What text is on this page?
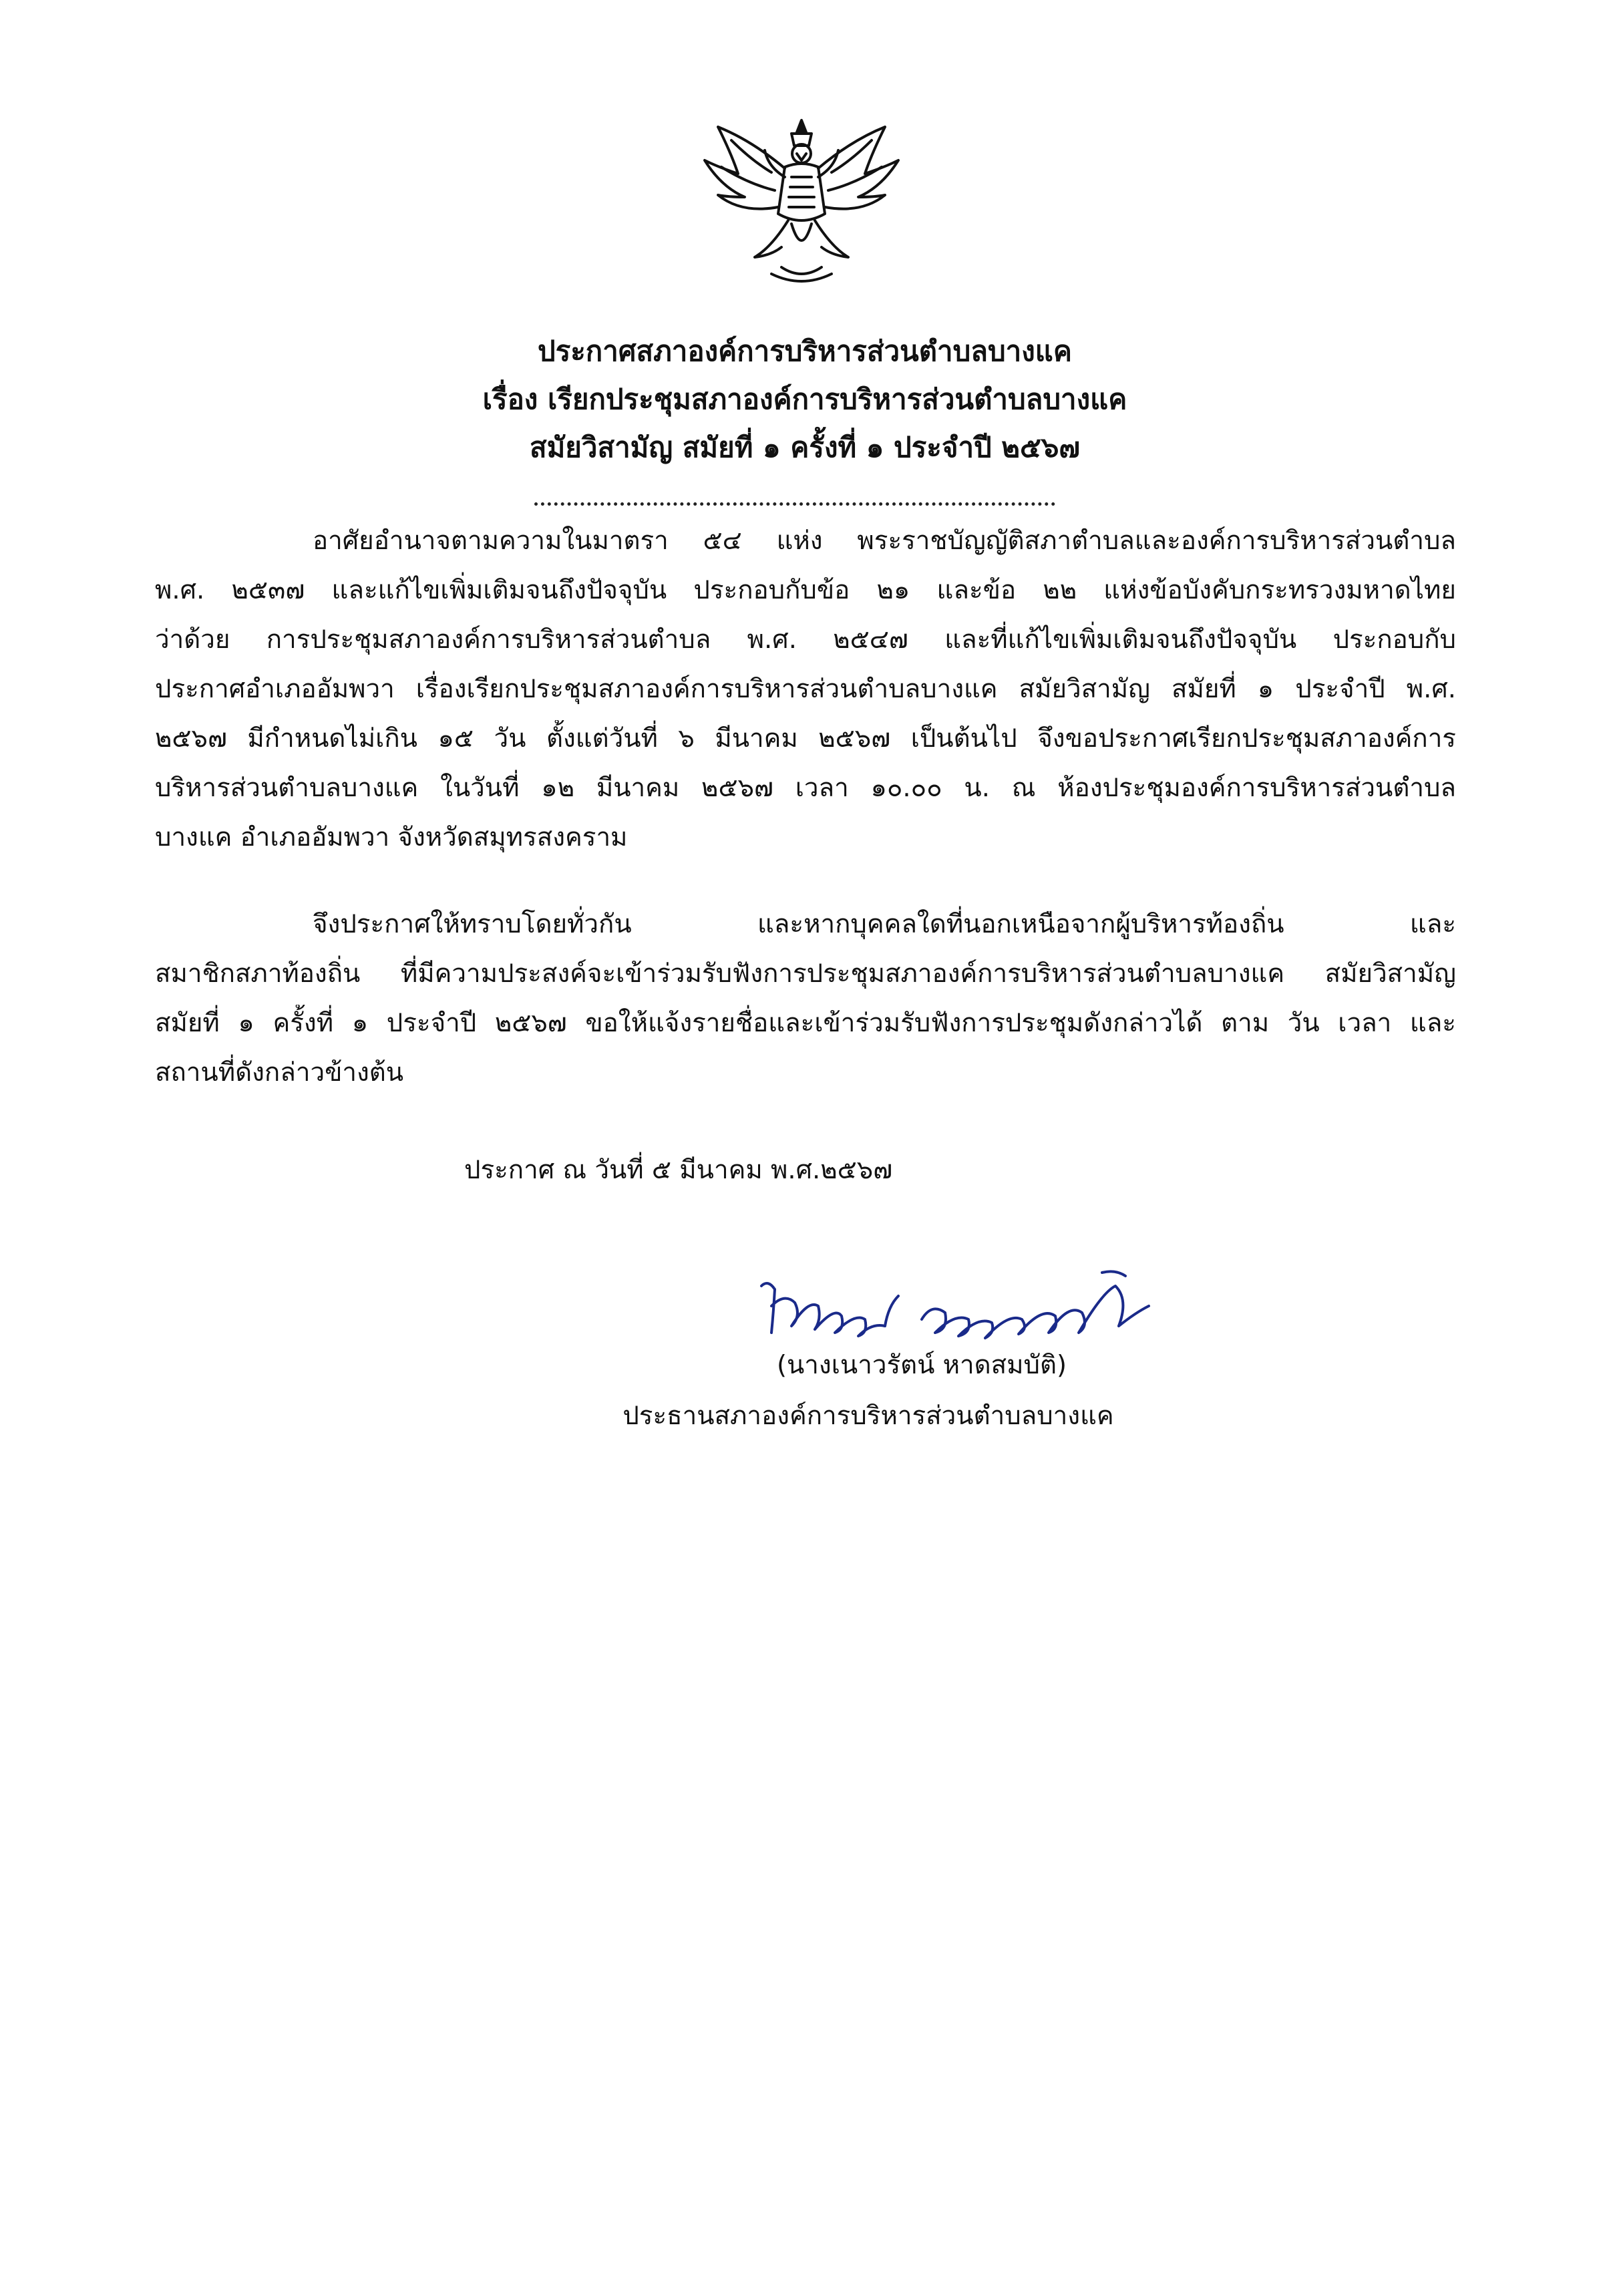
ประกาศสภาองค์การบริหารส่วนตำบลบางแค
เรื่อง เรียกประชุมสภาองค์การบริหารส่วนตำบลบางแค
สมัยวิสามัญ สมัยที่ ๑ ครั้งที่ ๑ ประจำปี ๒๕๖๗
อาศัยอำนาจตามความในมาตรา ๕๔ แห่ง พระราชบัญญัติสภาตำบลและองค์การบริหารส่วนตำบล
พ.ศ. ๒๕๓๗ และแก้ไขเพิ่มเติมจนถึงปัจจุบัน ประกอบกับข้อ ๒๑ และข้อ ๒๒ แห่งข้อบังคับกระทรวงมหาดไทย
ว่าด้วย การประชุมสภาองค์การบริหารส่วนตำบล พ.ศ. ๒๕๔๗ และที่แก้ไขเพิ่มเติมจนถึงปัจจุบัน ประกอบกับ
ประกาศอำเภออัมพวา เรื่องเรียกประชุมสภาองค์การบริหารส่วนตำบลบางแค สมัยวิสามัญ สมัยที่ ๑ ประจำปี พ.ศ.
๒๕๖๗ มีกำหนดไม่เกิน ๑๕ วัน ตั้งแต่วันที่ ๖ มีนาคม ๒๕๖๗ เป็นต้นไป จึงขอประกาศเรียกประชุมสภาองค์การ
บริหารส่วนตำบลบางแค ในวันที่ ๑๒ มีนาคม ๒๕๖๗ เวลา ๑๐.๐๐ น. ณ ห้องประชุมองค์การบริหารส่วนตำบล
บางแค อำเภออัมพวา จังหวัดสมุทรสงคราม
จึงประกาศให้ทราบโดยทั่วกัน และหากบุคคลใดที่นอกเหนือจากผู้บริหารท้องถิ่น และ
สมาชิกสภาท้องถิ่น ที่มีความประสงค์จะเข้าร่วมรับฟังการประชุมสภาองค์การบริหารส่วนตำบลบางแค สมัยวิสามัญ
สมัยที่ ๑ ครั้งที่ ๑ ประจำปี ๒๕๖๗ ขอให้แจ้งรายชื่อและเข้าร่วมรับฟังการประชุมดังกล่าวได้ ตาม วัน เวลา และ
สถานที่ดังกล่าวข้างต้น
ประกาศ ณ วันที่ ๕ มีนาคม พ.ศ.๒๕๖๗
(นางเนาวรัตน์ หาดสมบัติ)
ประธานสภาองค์การบริหารส่วนตำบลบางแค
